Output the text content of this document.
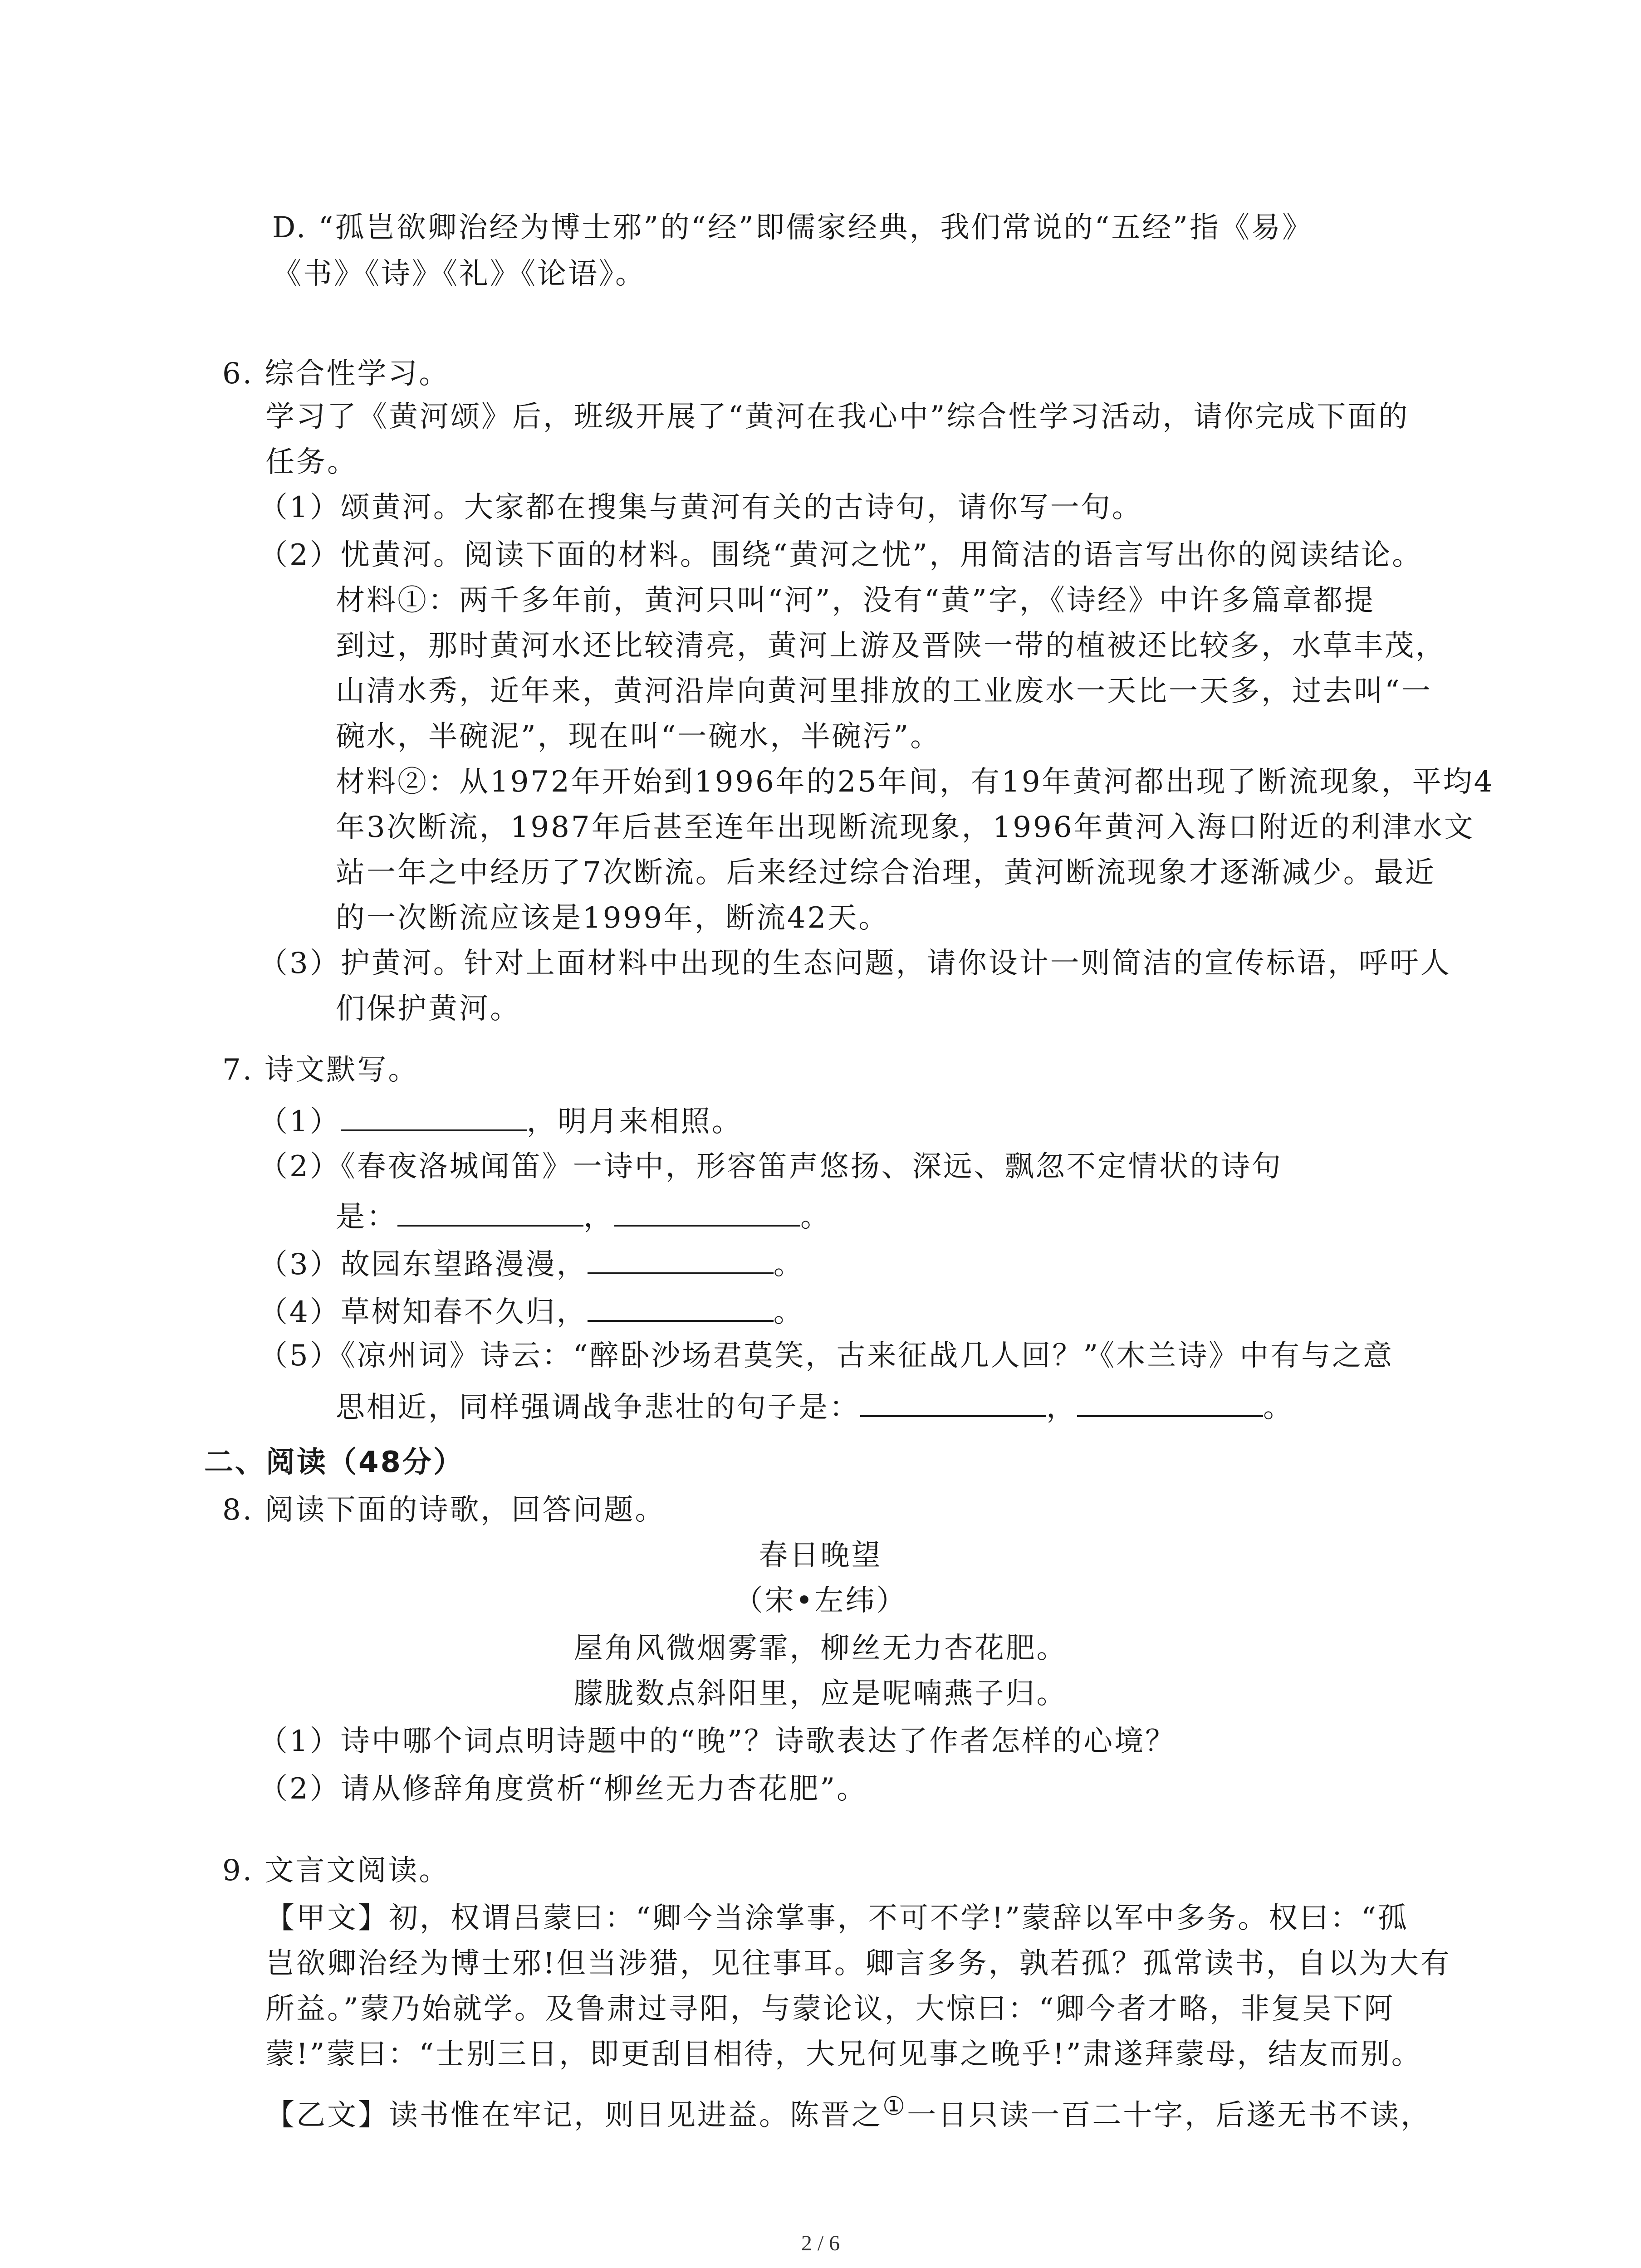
D. “孤岂欲卿治经为博士邪”的“经”即儒家经典，我们常说的“五经”指《易》
《书》《诗》《礼》《论语》。
6. 综合性学习。
学习了《黄河颂》后，班级开展了“黄河在我心中”综合性学习活动，请你完成下面的
任务。
（1）颂黄河。大家都在搜集与黄河有关的古诗句，请你写一句。
（2）忧黄河。阅读下面的材料。围绕“黄河之忧”，用简洁的语言写出你的阅读结论。
材料①：两千多年前，黄河只叫“河”，没有“黄”字，《诗经》中许多篇章都提
到过，那时黄河水还比较清亮，黄河上游及晋陕一带的植被还比较多，水草丰茂，
山清水秀，近年来，黄河沿岸向黄河里排放的工业废水一天比一天多，过去叫“一
碗水，半碗泥”，现在叫“一碗水，半碗污”。
材料②：从1972年开始到1996年的25年间，有19年黄河都出现了断流现象，平均4
年3次断流，1987年后甚至连年出现断流现象，1996年黄河入海口附近的利津水文
站一年之中经历了7次断流。后来经过综合治理，黄河断流现象才逐渐减少。最近
的一次断流应该是1999年，断流42天。
（3）护黄河。针对上面材料中出现的生态问题，请你设计一则简洁的宣传标语，呼吁人
们保护黄河。
7. 诗文默写。
（1）	，明月来相照。
（2）《春夜洛城闻笛》一诗中，形容笛声悠扬、深远、飘忽不定情状的诗句
是：	，	。
（3）故园东望路漫漫，	。
（4）草树知春不久归，	。
（5）《凉州词》诗云：“醉卧沙场君莫笑，古来征战几人回？”《木兰诗》中有与之意
思相近，同样强调战争悲壮的句子是：	，	。
二、阅读（48分）
8. 阅读下面的诗歌，回答问题。
春日晚望
（宋•左纬）
屋角风微烟雾霏，柳丝无力杏花肥。
朦胧数点斜阳里，应是呢喃燕子归。
（1）诗中哪个词点明诗题中的“晚”？诗歌表达了作者怎样的心境？
（2）请从修辞角度赏析“柳丝无力杏花肥”。
9. 文言文阅读。
【甲文】初，权谓吕蒙曰：“卿今当涂掌事，不可不学!”蒙辞以军中多务。权曰：“孤
岂欲卿治经为博士邪!但当涉猎，见往事耳。卿言多务，孰若孤？孤常读书，自以为大有
所益。”蒙乃始就学。及鲁肃过寻阳，与蒙论议，大惊曰：“卿今者才略，非复吴下阿
蒙!”蒙曰：“士别三日，即更刮目相待，大兄何见事之晚乎!”肃遂拜蒙母，结友而别。
【乙文】读书惟在牢记，则日见进益。陈晋之①一日只读一百二十字，后遂无书不读，
2 / 6
